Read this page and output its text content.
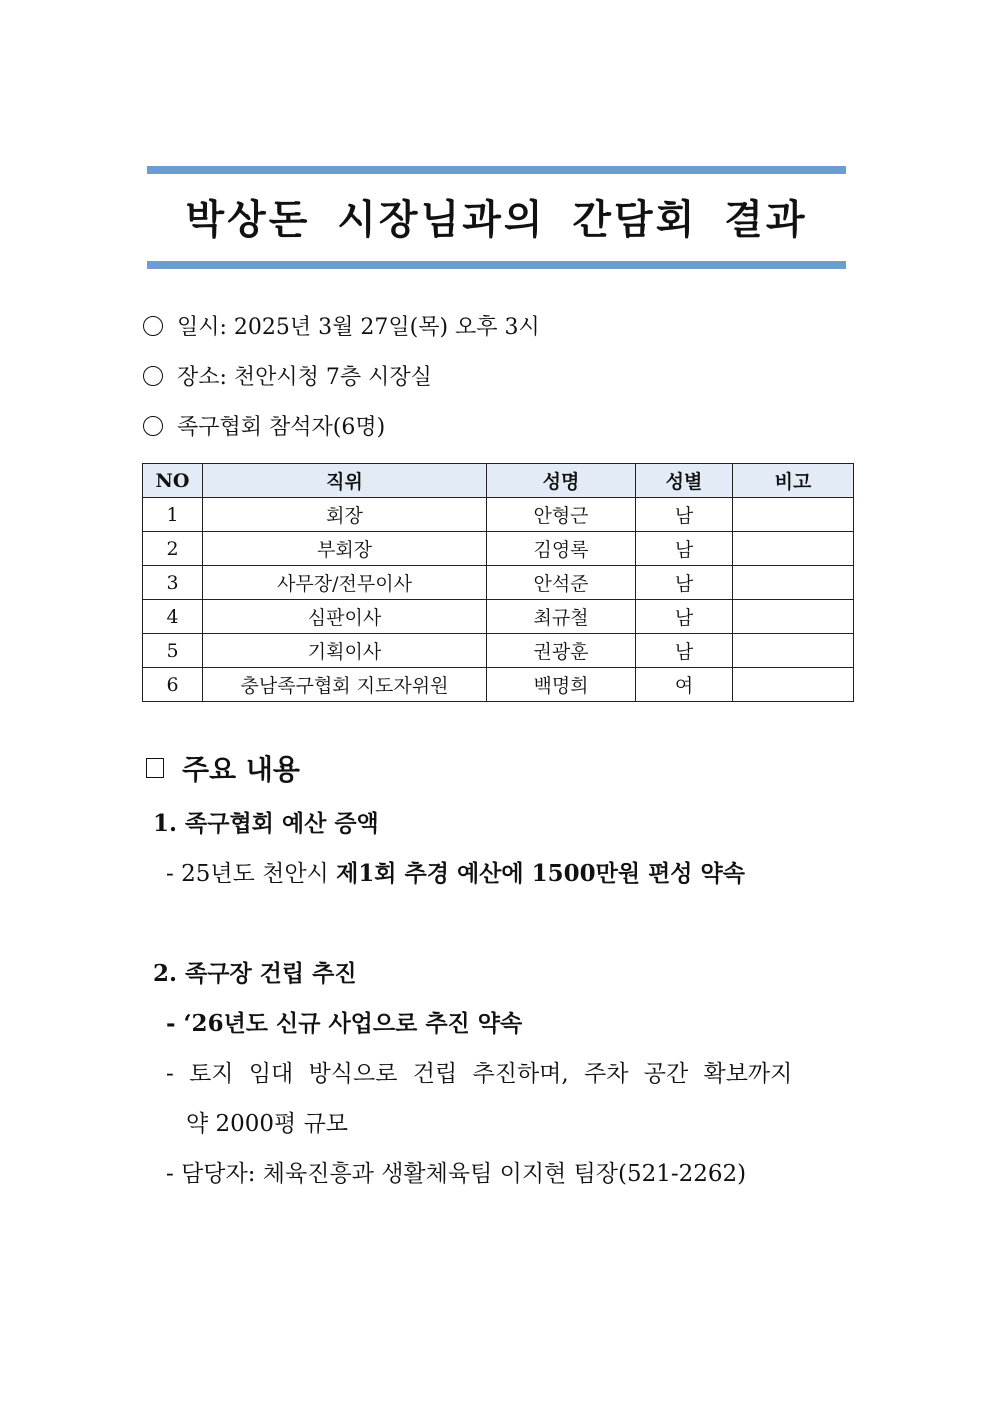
박상돈 시장님과의 간담회 결과
일시: 2025년 3월 27일(목) 오후 3시
장소: 천안시청 7층 시장실
족구협회 참석자(6명)
NO	직위	성명	성별	비고
1	회장	안형근	남	
2	부회장	김영록	남	
3	사무장/전무이사	안석준	남	
4	심판이사	최규철	남	
5	기획이사	권광훈	남	
6	충남족구협회 지도자위원	백명희	여	
주요 내용
1. 족구협회 예산 증액
- 25년도 천안시 제1회 추경 예산에 1500만원 편성 약속
2. 족구장 건립 추진
- ‘26년도 신규 사업으로 추진 약속
- 토지 임대 방식으로 건립 추진하며, 주차 공간 확보까지
약 2000평 규모
- 담당자: 체육진흥과 생활체육팀 이지현 팀장(521-2262)
